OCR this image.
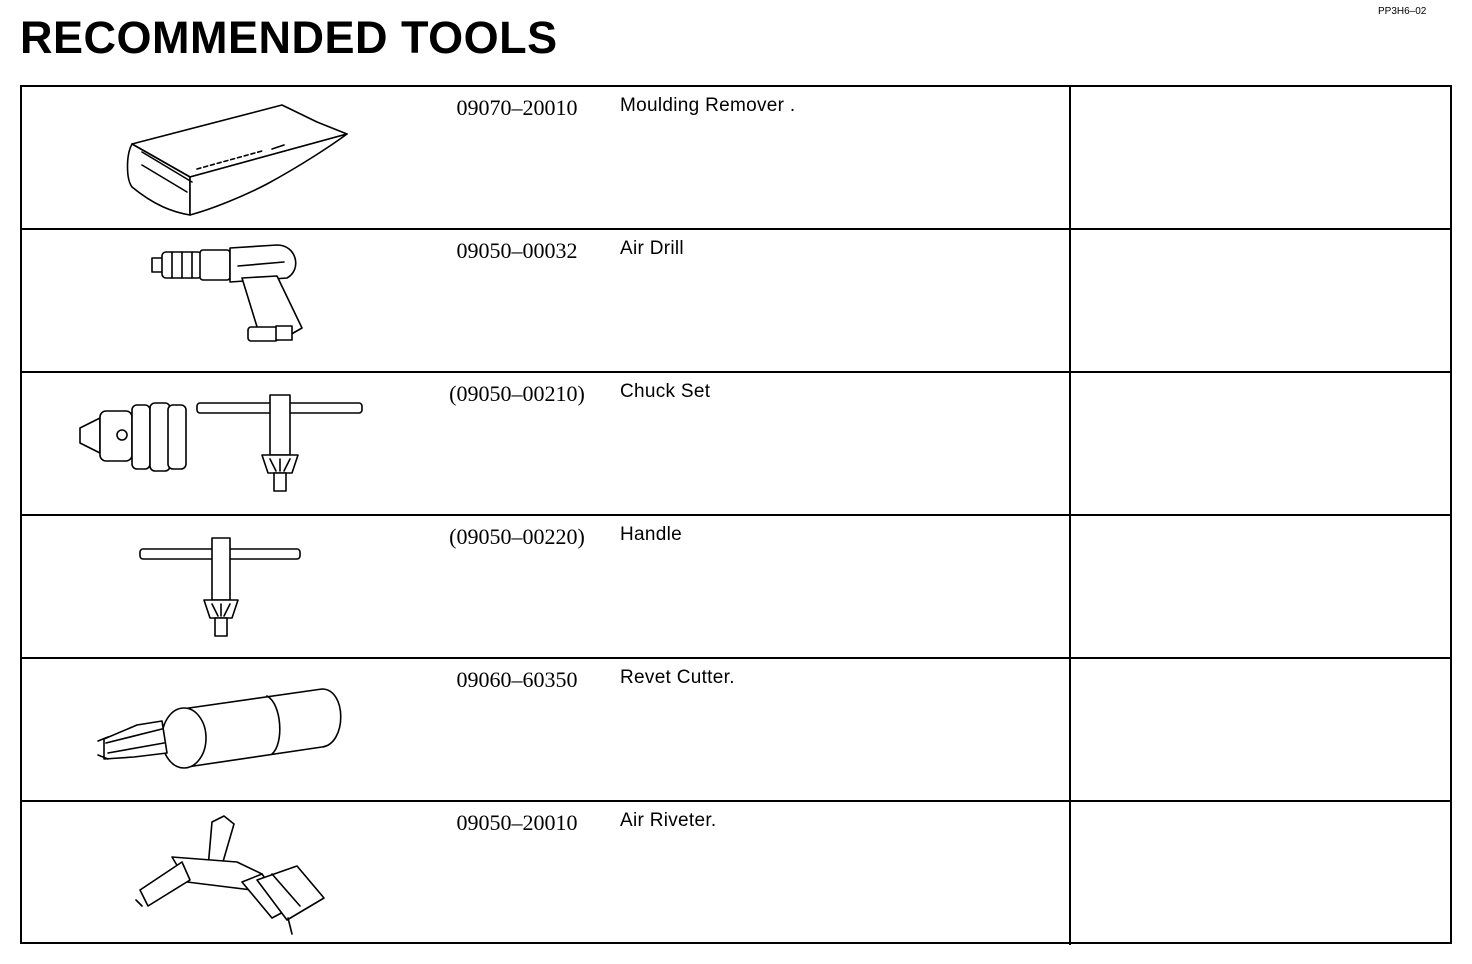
RECOMMENDED TOOLS
PP3H6–02
09070–20010	Moulding Remover .
09050–00032	Air Drill
(09050–00210)	Chuck Set
(09050–00220)	Handle
09060–60350	Revet Cutter.
09050–20010	Air Riveter.
